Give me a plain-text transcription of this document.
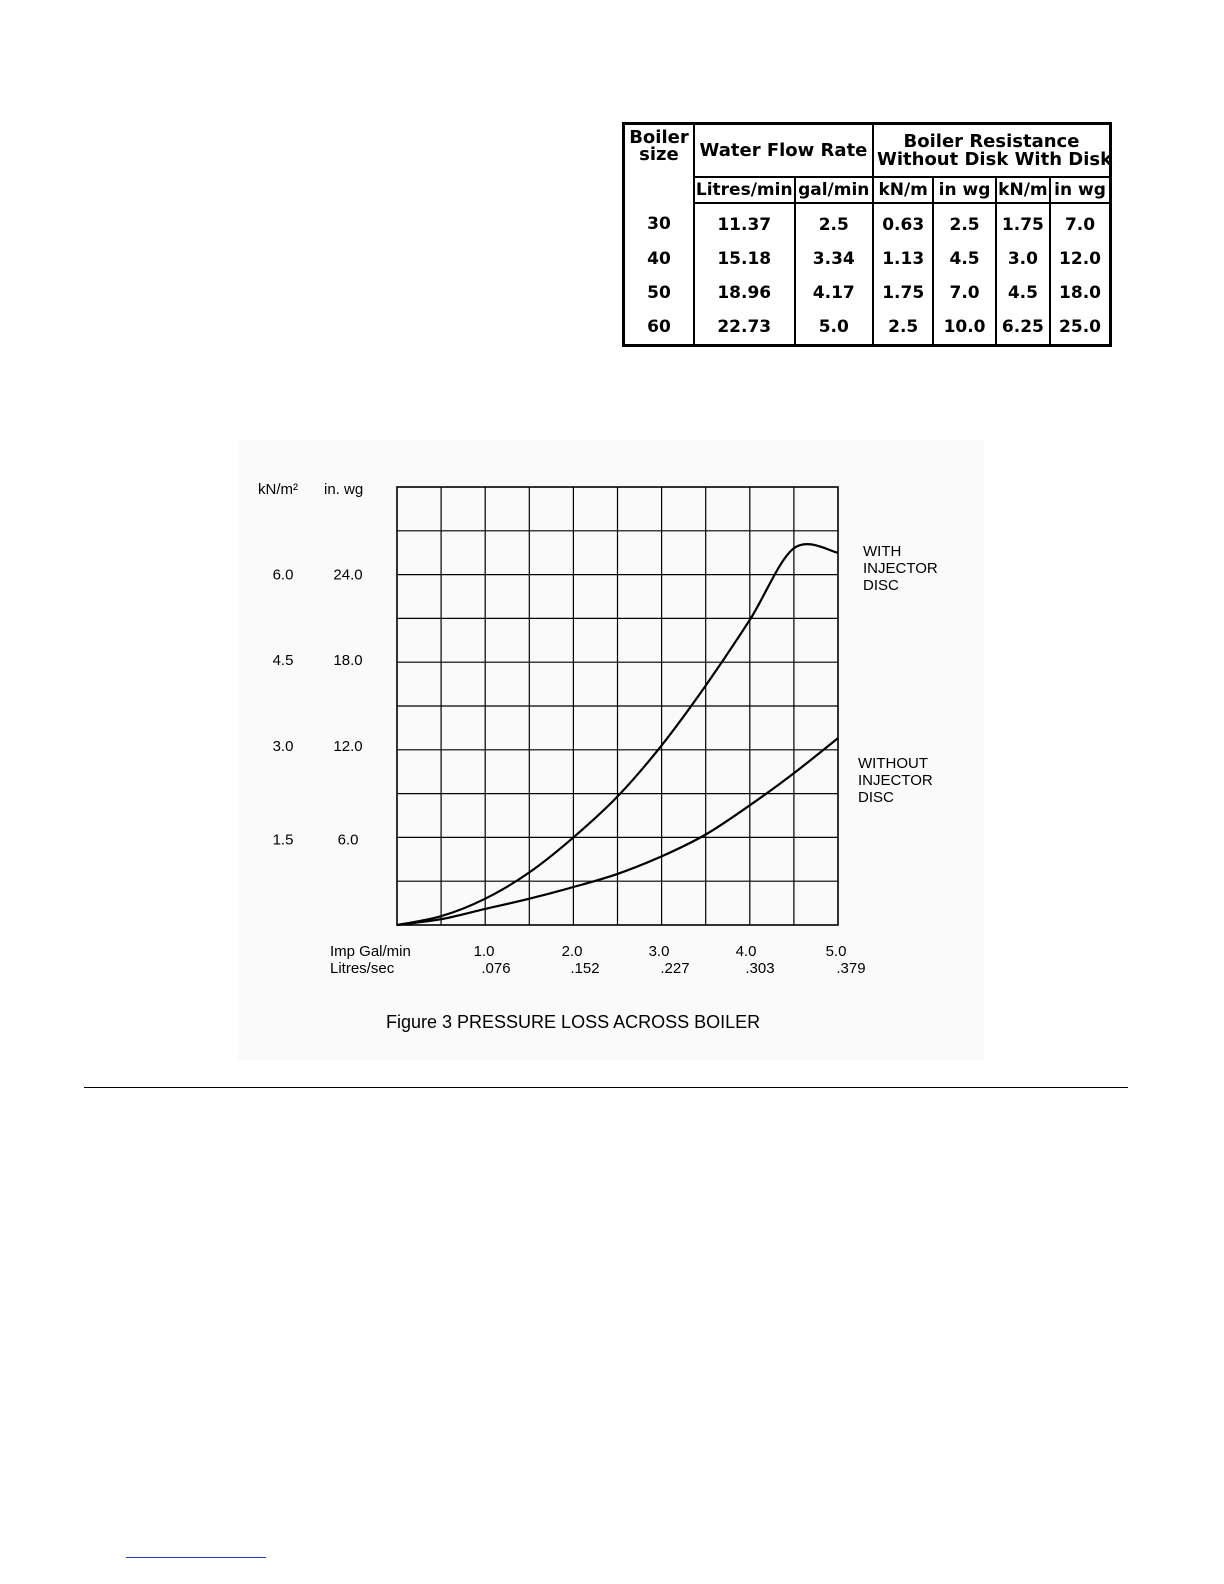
Boiler
size	Water Flow Rate		Boiler Resistance
Without Disk With Disk			

	Litres/min	gal/min	kN/m	in wg	kN/m	in wg
30	11.37	2.5	0.63	2.5	1.75	7.0
40	15.18	3.34	1.13	4.5	3.0	12.0
50	18.96	4.17	1.75	7.0	4.5	18.0
60	22.73	5.0	2.5	10.0	6.25	25.0
kN/m² in. wg
6.0	24.0
4.5	18.0
3.0	12.0
1.5	6.0
Imp Gal/min
Litres/sec
1.0	2.0	3.0	4.0	5.0
.076	.152	.227	.303	.379
WITH
INJECTOR
DISC
WITHOUT
INJECTOR
DISC
Figure 3 PRESSURE LOSS ACROSS BOILER
